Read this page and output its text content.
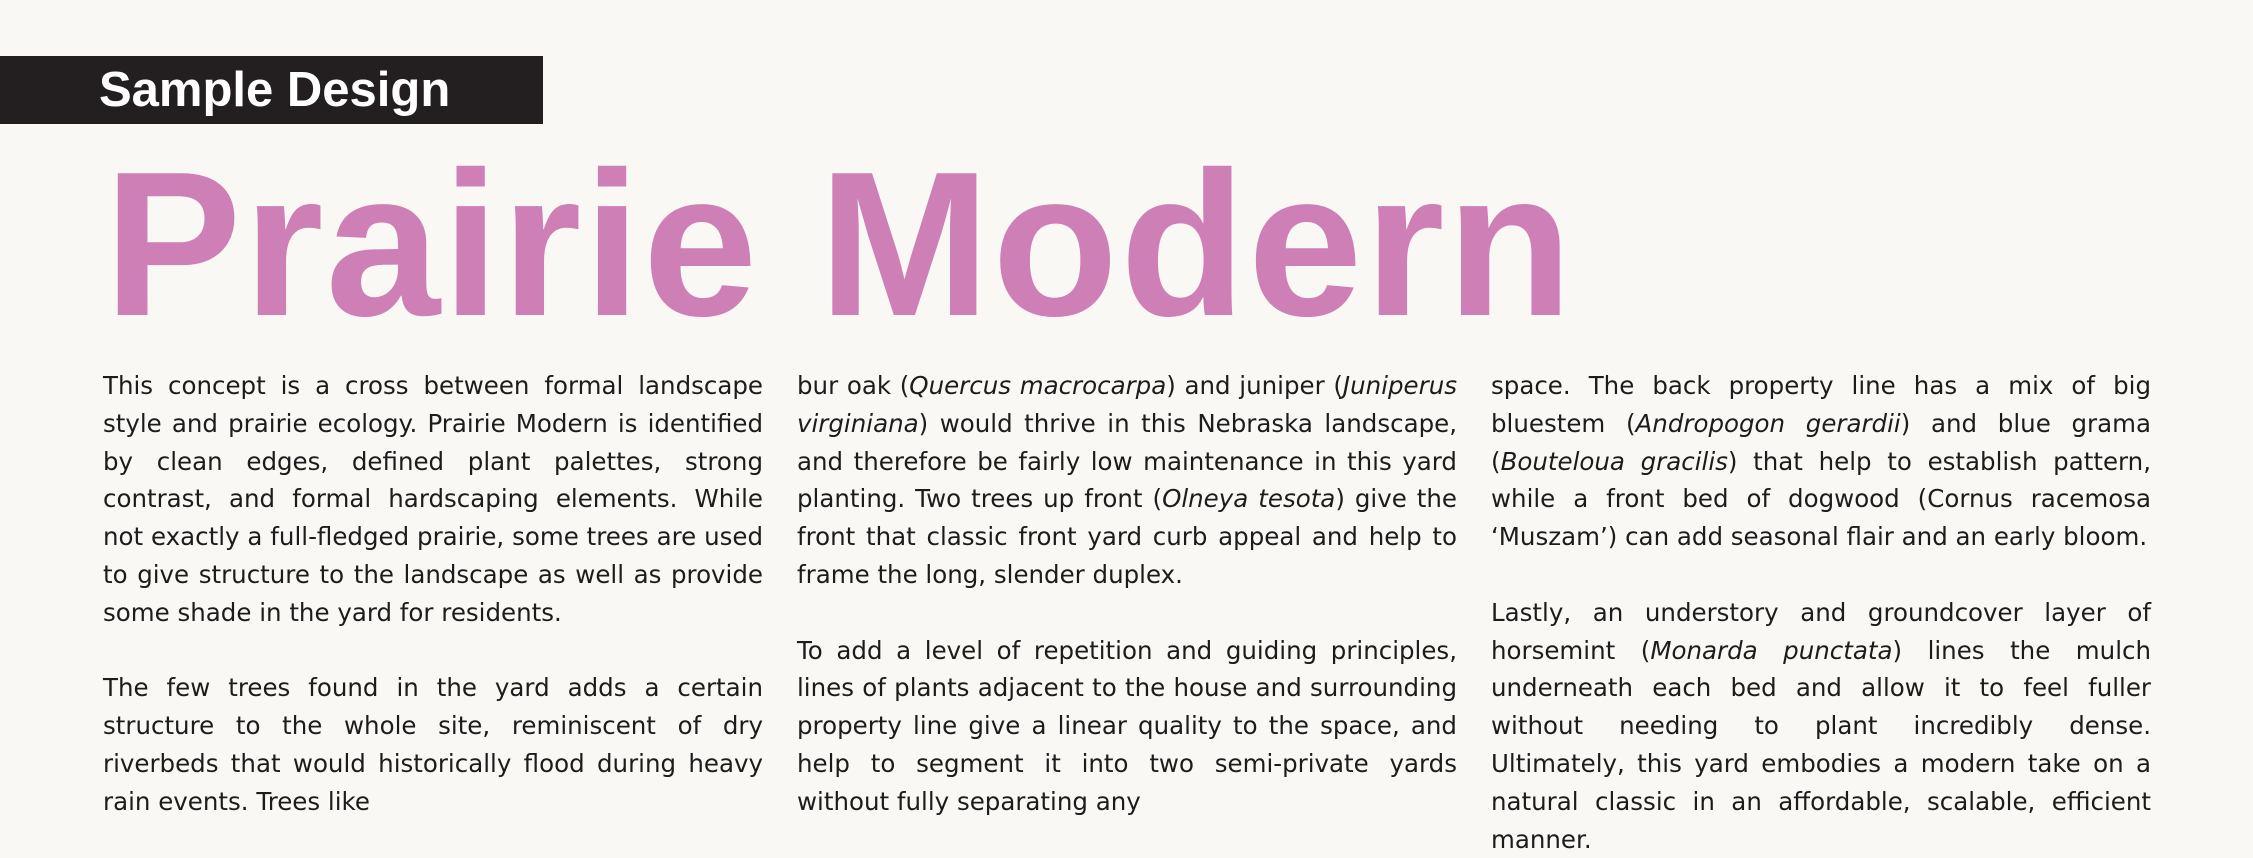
Sample Design
Prairie Modern

This concept is a cross between formal landscape style and prairie ecology. Prairie Modern is identified by clean edges, defined plant palettes, strong contrast, and formal hardscaping elements. While not exactly a full-fledged prairie, some trees are used to give structure to the landscape as well as provide some shade in the yard for residents.

The few trees found in the yard adds a certain structure to the whole site, reminiscent of dry riverbeds that would historically flood during heavy rain events. Trees like

bur oak (Quercus macrocarpa) and juniper (Juniperus virginiana) would thrive in this Nebraska landscape, and therefore be fairly low maintenance in this yard planting. Two trees up front (Olneya tesota) give the front that classic front yard curb appeal and help to frame the long, slender duplex.

To add a level of repetition and guiding principles, lines of plants adjacent to the house and surrounding property line give a linear quality to the space, and help to segment it into two semi-private yards without fully separating any

space. The back property line has a mix of big bluestem (Andropogon gerardii) and blue grama (Bouteloua gracilis) that help to establish pattern, while a front bed of dogwood (Cornus racemosa ‘Muszam’) can add seasonal flair and an early bloom.

Lastly, an understory and groundcover layer of horsemint (Monarda punctata) lines the mulch underneath each bed and allow it to feel fuller without needing to plant incredibly dense. Ultimately, this yard embodies a modern take on a natural classic in an affordable, scalable, efficient manner.
